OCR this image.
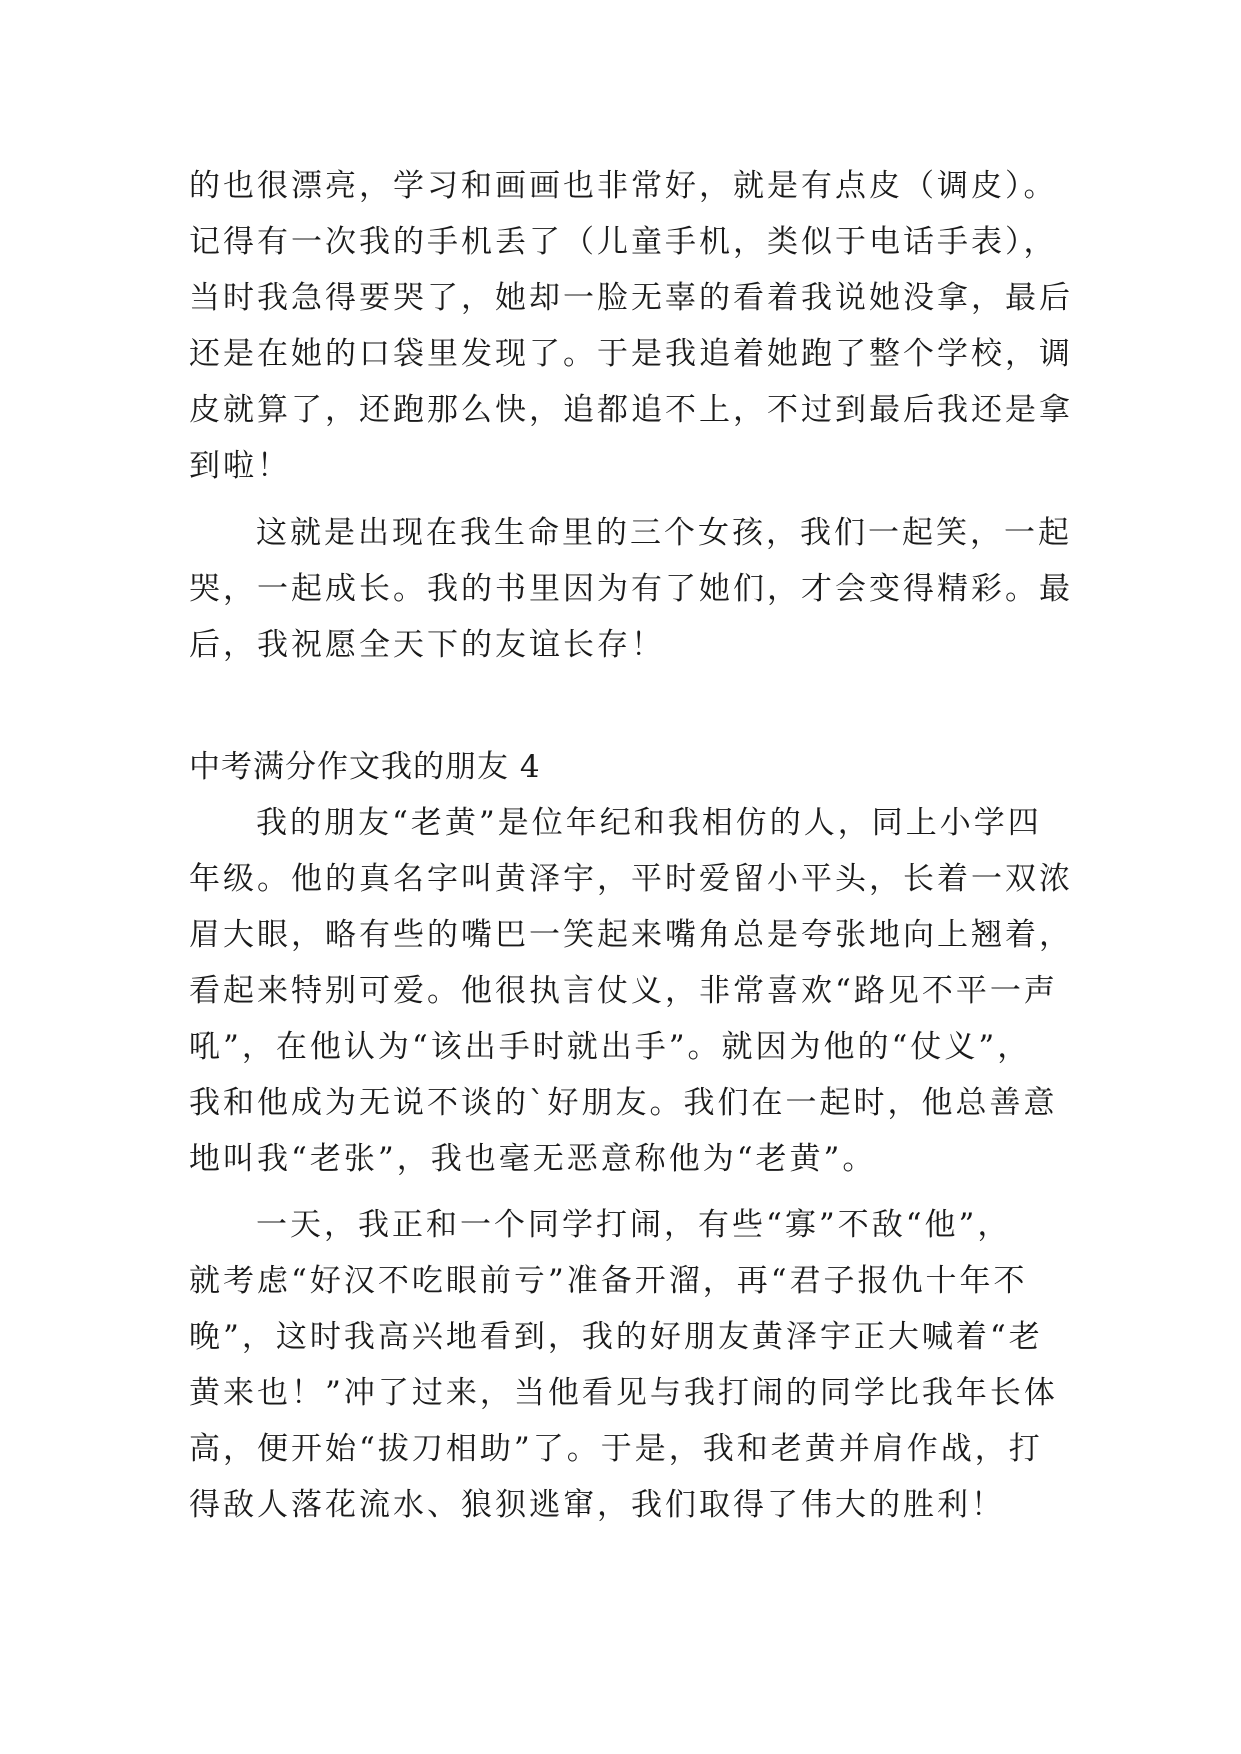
的也很漂亮，学习和画画也非常好，就是有点皮（调皮）。
记得有一次我的手机丢了（儿童手机，类似于电话手表），
当时我急得要哭了，她却一脸无辜的看着我说她没拿，最后
还是在她的口袋里发现了。于是我追着她跑了整个学校，调
皮就算了，还跑那么快，追都追不上，不过到最后我还是拿
到啦！
这就是出现在我生命里的三个女孩，我们一起笑，一起
哭，一起成长。我的书里因为有了她们，才会变得精彩。最
后，我祝愿全天下的友谊长存！
中考满分作文我的朋友 4
我的朋友“老黄”是位年纪和我相仿的人，同上小学四
年级。他的真名字叫黄泽宇，平时爱留小平头，长着一双浓
眉大眼，略有些的嘴巴一笑起来嘴角总是夸张地向上翘着，
看起来特别可爱。他很执言仗义，非常喜欢“路见不平一声
吼”，在他认为“该出手时就出手”。就因为他的“仗义”，
我和他成为无说不谈的`好朋友。我们在一起时，他总善意
地叫我“老张”，我也毫无恶意称他为“老黄”。
一天，我正和一个同学打闹，有些“寡”不敌“他”，
就考虑“好汉不吃眼前亏”准备开溜，再“君子报仇十年不
晚”，这时我高兴地看到，我的好朋友黄泽宇正大喊着“老
黄来也！”冲了过来，当他看见与我打闹的同学比我年长体
高，便开始“拔刀相助”了。于是，我和老黄并肩作战，打
得敌人落花流水、狼狈逃窜，我们取得了伟大的胜利！
